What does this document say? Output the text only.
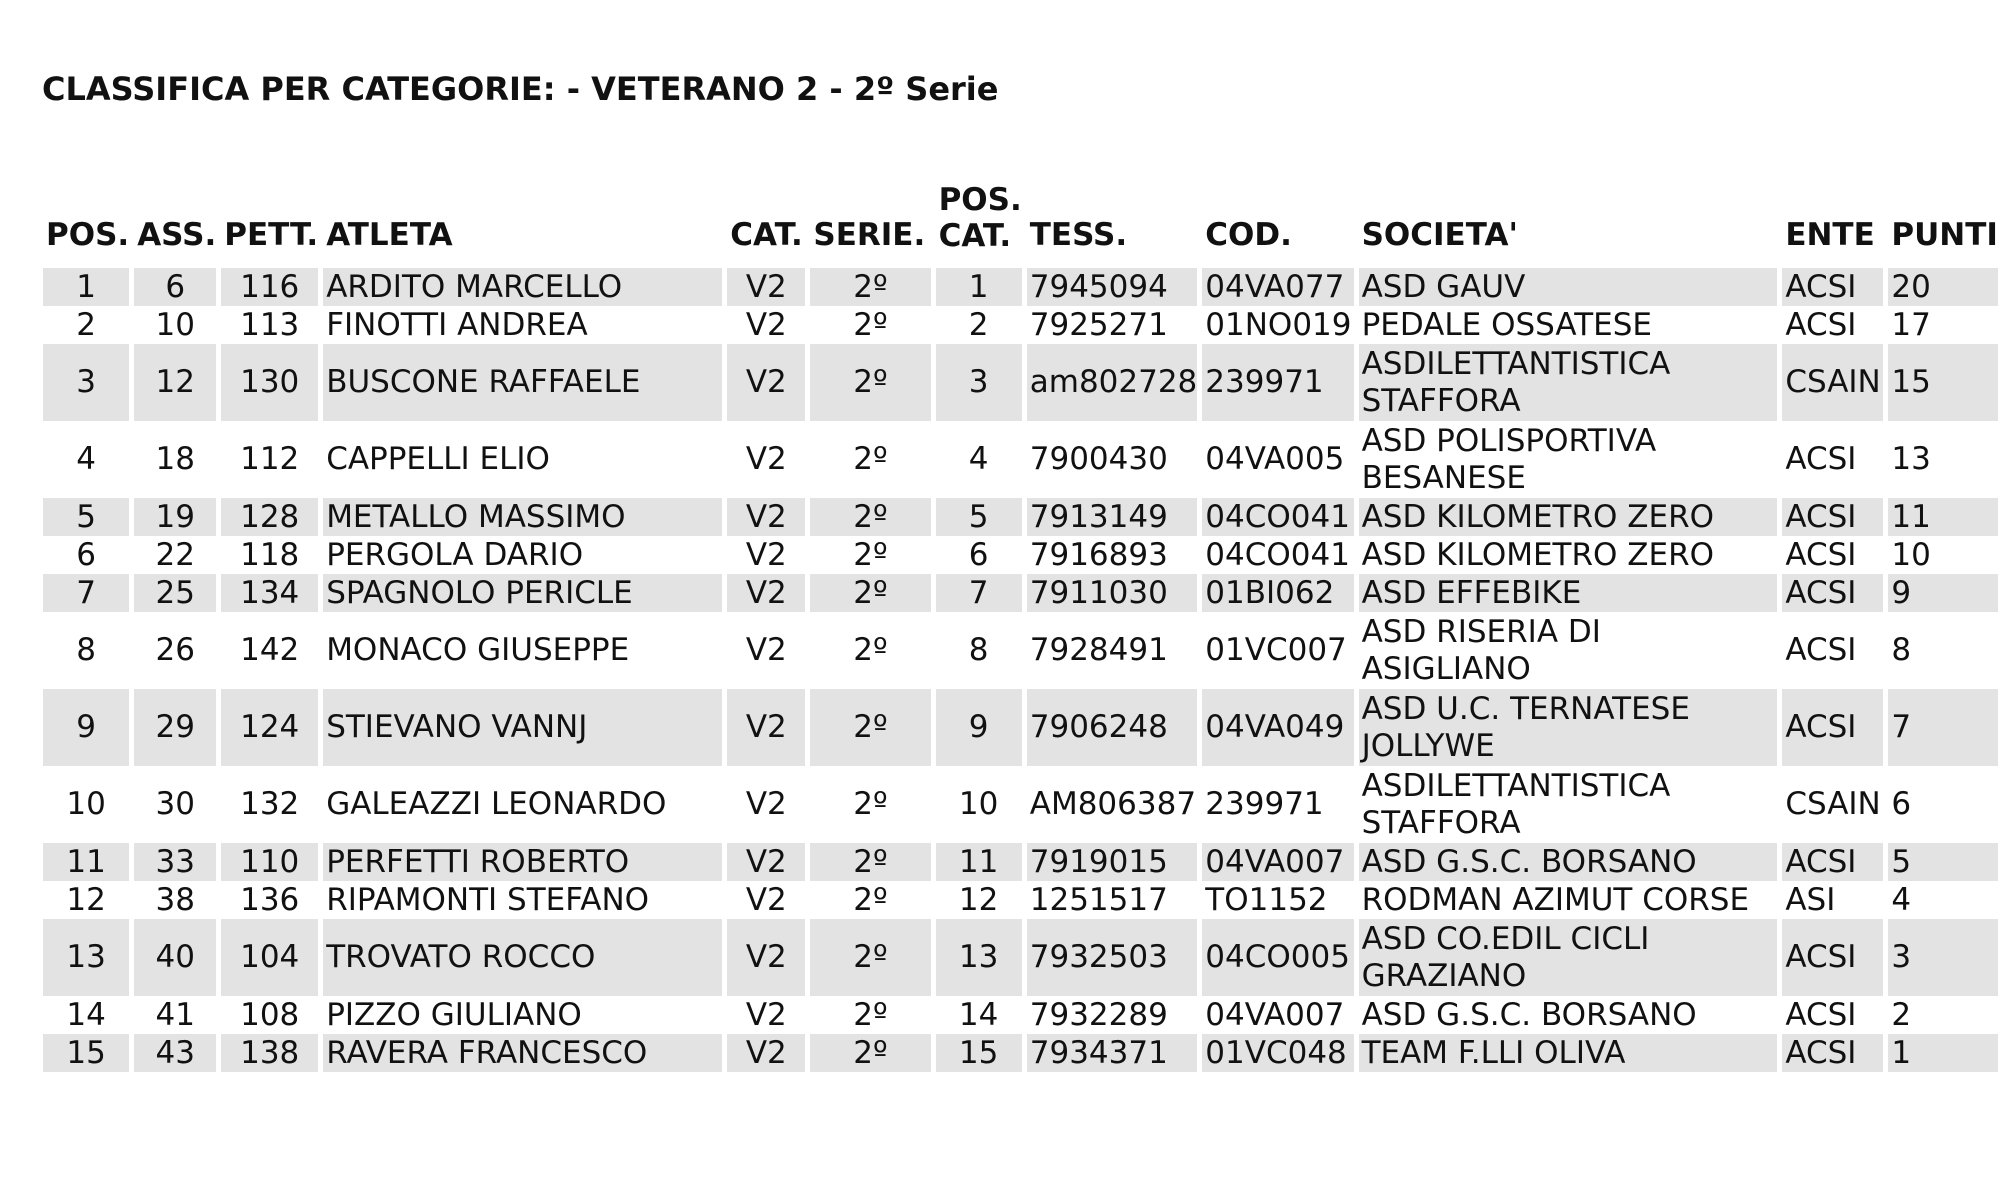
CLASSIFICA PER CATEGORIE: - VETERANO 2 - 2º Serie
POS.	ASS.	PETT.	ATLETA	CAT.	SERIE.	POS. CAT.	TESS.	COD.	SOCIETA'	ENTE	PUNTI

1	6	116	ARDITO MARCELLO	V2	2º	1	7945094	04VA077	ASD GAUV	ACSI	20
2	10	113	FINOTTI ANDREA	V2	2º	2	7925271	01NO019	PEDALE OSSATESE	ACSI	17
3	12	130	BUSCONE RAFFAELE	V2	2º	3	am802728	239971	ASDILETTANTISTICA STAFFORA	CSAIN	15
4	18	112	CAPPELLI ELIO	V2	2º	4	7900430	04VA005	ASD POLISPORTIVA BESANESE	ACSI	13
5	19	128	METALLO MASSIMO	V2	2º	5	7913149	04CO041	ASD KILOMETRO ZERO	ACSI	11
6	22	118	PERGOLA DARIO	V2	2º	6	7916893	04CO041	ASD KILOMETRO ZERO	ACSI	10
7	25	134	SPAGNOLO PERICLE	V2	2º	7	7911030	01BI062	ASD EFFEBIKE	ACSI	9
8	26	142	MONACO GIUSEPPE	V2	2º	8	7928491	01VC007	ASD RISERIA DI ASIGLIANO	ACSI	8
9	29	124	STIEVANO VANNJ	V2	2º	9	7906248	04VA049	ASD U.C. TERNATESE JOLLYWE	ACSI	7
10	30	132	GALEAZZI LEONARDO	V2	2º	10	AM806387	239971	ASDILETTANTISTICA STAFFORA	CSAIN	6
11	33	110	PERFETTI ROBERTO	V2	2º	11	7919015	04VA007	ASD G.S.C. BORSANO	ACSI	5
12	38	136	RIPAMONTI STEFANO	V2	2º	12	1251517	TO1152	RODMAN AZIMUT CORSE	ASI	4
13	40	104	TROVATO ROCCO	V2	2º	13	7932503	04CO005	ASD CO.EDIL CICLI GRAZIANO	ACSI	3
14	41	108	PIZZO GIULIANO	V2	2º	14	7932289	04VA007	ASD G.S.C. BORSANO	ACSI	2
15	43	138	RAVERA FRANCESCO	V2	2º	15	7934371	01VC048	TEAM F.LLI OLIVA	ACSI	1
